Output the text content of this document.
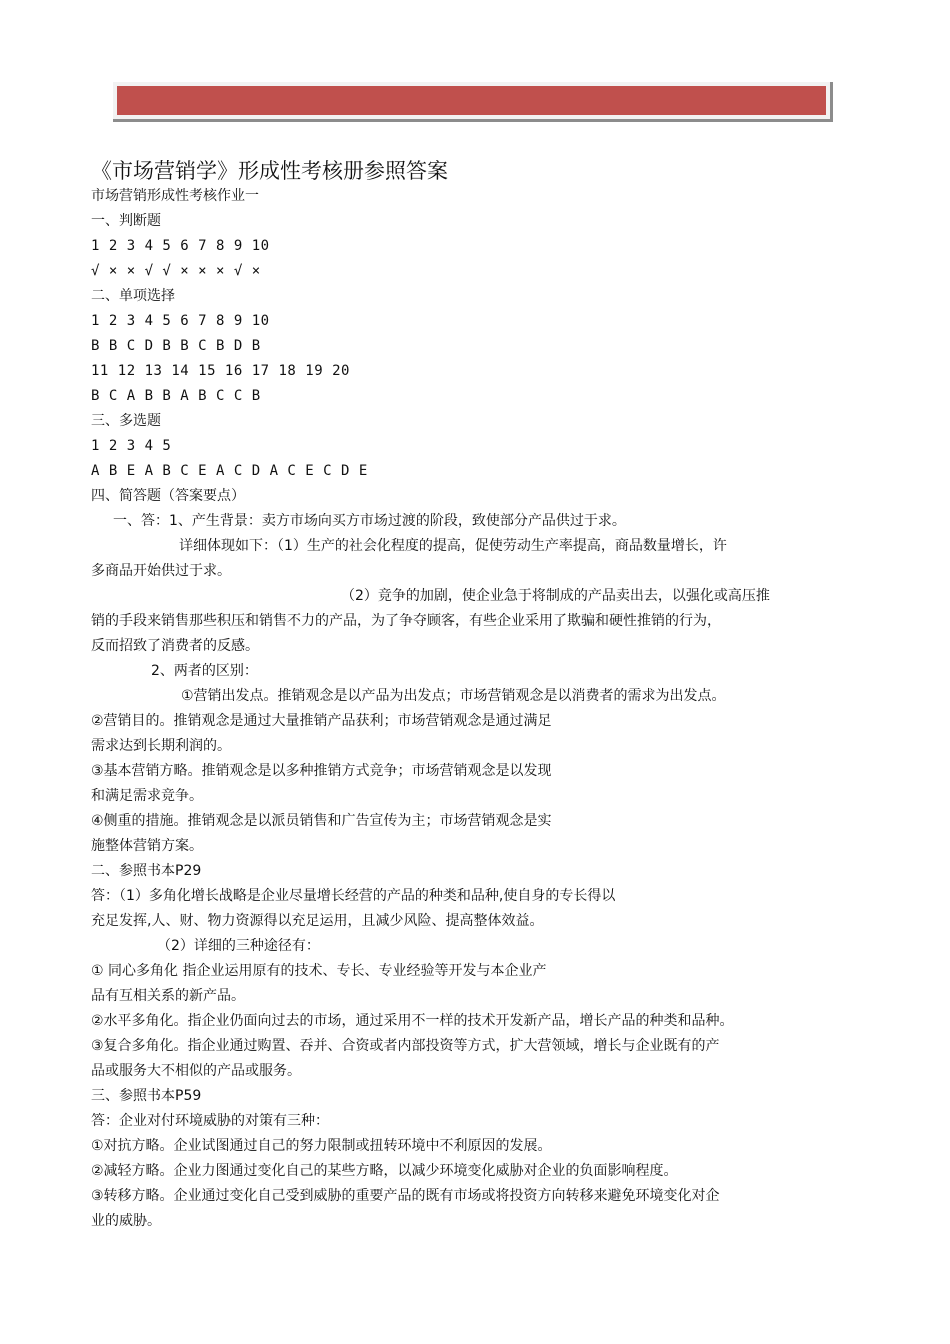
《市场营销学》形成性考核册参照答案
市场营销形成性考核作业一
一、判断题
1 2 3 4 5 6 7 8 9 10
√ × × √ √ × × × √ ×
二、单项选择
1 2 3 4 5 6 7 8 9 10
B B C D B B C B D B
11 12 13 14 15 16 17 18 19 20
B C A B B A B C C B
三、多选题
1 2 3 4 5
A B E A B C E A C D A C E C D E
四、简答题（答案要点）
一、答：1、产生背景：卖方市场向买方市场过渡的阶段，致使部分产品供过于求。
详细体现如下：（1）生产的社会化程度的提高，促使劳动生产率提高，商品数量增长，许
多商品开始供过于求。
（2）竞争的加剧，使企业急于将制成的产品卖出去，以强化或高压推
销的手段来销售那些积压和销售不力的产品，为了争夺顾客，有些企业采用了欺骗和硬性推销的行为，
反而招致了消费者的反感。
2、两者的区别：
①营销出发点。推销观念是以产品为出发点；市场营销观念是以消费者的需求为出发点。
②营销目的。推销观念是通过大量推销产品获利；市场营销观念是通过满足
需求达到长期利润的。
③基本营销方略。推销观念是以多种推销方式竞争；市场营销观念是以发现
和满足需求竞争。
④侧重的措施。推销观念是以派员销售和广告宣传为主；市场营销观念是实
施整体营销方案。
二、参照书本P29
答：（1）多角化增长战略是企业尽量增长经营的产品的种类和品种,使自身的专长得以
充足发挥,人、财、物力资源得以充足运用，且减少风险、提高整体效益。
（2）详细的三种途径有：
① 同心多角化 指企业运用原有的技术、专长、专业经验等开发与本企业产
品有互相关系的新产品。
②水平多角化。指企业仍面向过去的市场，通过采用不一样的技术开发新产品，增长产品的种类和品种。
③复合多角化。指企业通过购置、吞并、合资或者内部投资等方式，扩大营领域，增长与企业既有的产
品或服务大不相似的产品或服务。
三、参照书本P59
答：企业对付环境威胁的对策有三种：
①对抗方略。企业试图通过自己的努力限制或扭转环境中不利原因的发展。
②减轻方略。企业力图通过变化自己的某些方略，以减少环境变化威胁对企业的负面影响程度。
③转移方略。企业通过变化自己受到威胁的重要产品的既有市场或将投资方向转移来避免环境变化对企
业的威胁。
